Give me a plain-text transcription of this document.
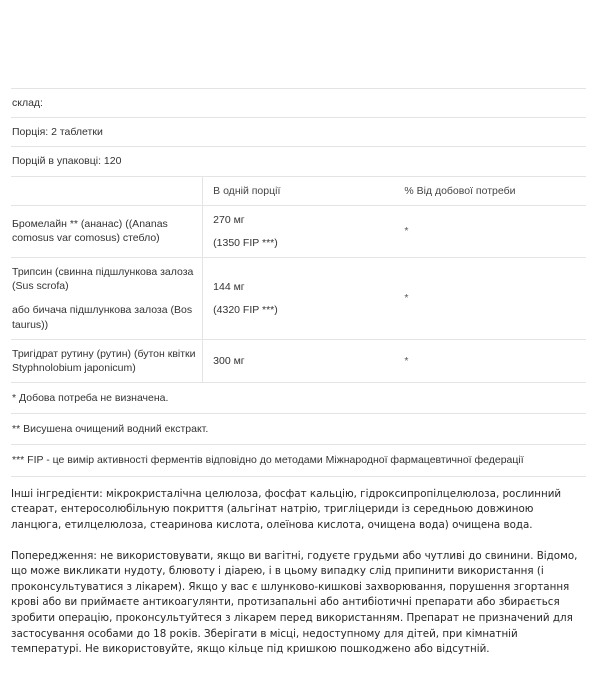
склад:		
Порція: 2 таблетки		
Порцій в упаковці: 120		
	В одній порції	% Від добової потреби

Бромелайн ** (ананас) ((Ananas comosus var comosus) стебло)	270 мг
(1350 FIP ***)	*

Трипсин (свинна підшлункова залоза (Sus scrofa)
або бичача підшлункова залоза (Bos taurus))	144 мг
(4320 FIP ***)	*

Тригідрат рутину (рутин) (бутон квітки Styphnolobium japonicum)	300 мг	*
* Добова потреба не визначена.
** Висушена очищений водний екстракт.
*** FIP - це вимір активності ферментів відповідно до методами Міжнародної фармацевтичної федерації

Інші інгредієнти: мікрокристалічна целюлоза, фосфат кальцію, гідроксипропілцелюлоза, рослинний стеарат, ентеросолюбільную покриття (альгінат натрію, тригліцериди із середньою довжиною ланцюга, етилцелюлоза, стеаринова кислота, олеїнова кислота, очищена вода) очищена вода.

Попередження: не використовувати, якщо ви вагітні, годуєте грудьми або чутливі до свинини. Відомо, що може викликати нудоту, блювоту і діарею, і в цьому випадку слід припинити використання (і проконсультуватися з лікарем). Якщо у вас є шлунково-кишкові захворювання, порушення згортання крові або ви приймаєте антикоагулянти, протизапальні або антибіотичні препарати або збирається зробити операцію, проконсультуйтеся з лікарем перед використанням. Препарат не призначений для застосування особами до 18 років. Зберігати в місці, недоступному для дітей, при кімнатній температурі. Не використовуйте, якщо кільце під кришкою пошкоджено або відсутній.
